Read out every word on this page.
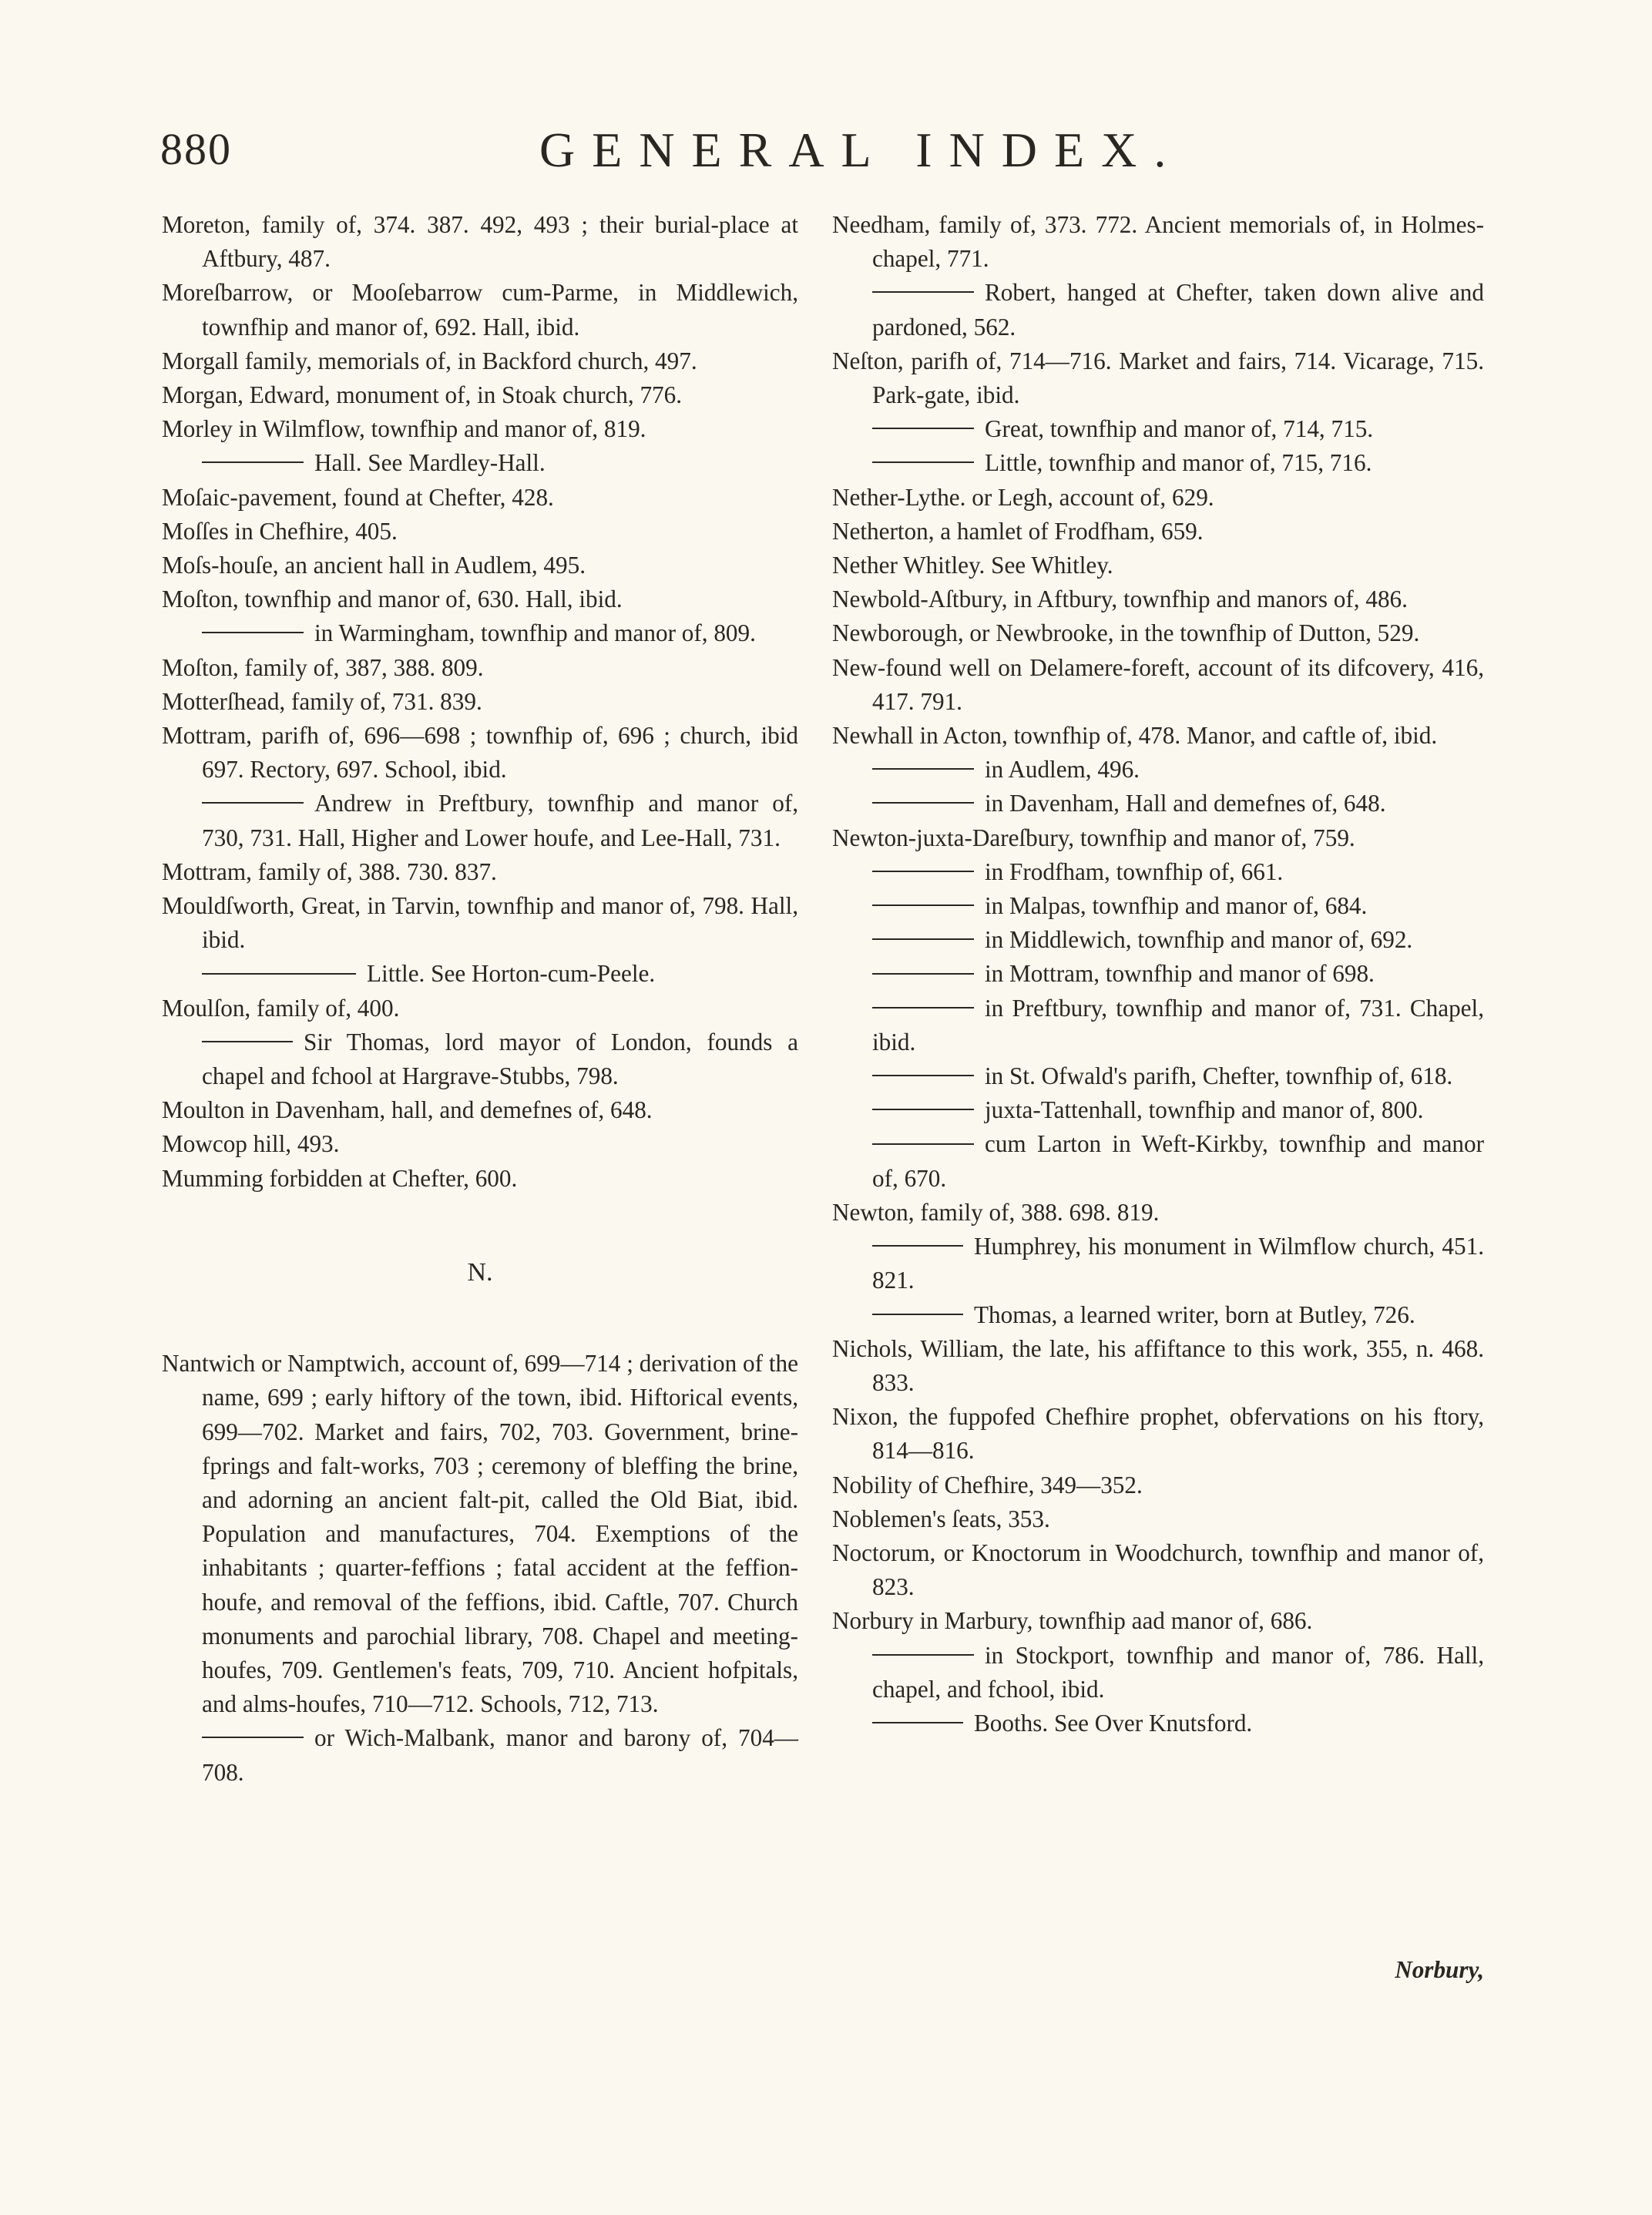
880	GENERAL INDEX.

Moreton, family of, 374. 387. 492, 493 ; their burial-place at Aftbury, 487.

Moreſbarrow, or Mooſebarrow cum-Parme, in Middlewich, townfhip and manor of, 692. Hall, ibid.

Morgall family, memorials of, in Backford church, 497.

Morgan, Edward, monument of, in Stoak church, 776.

Morley in Wilmflow, townfhip and manor of, 819.

Hall. See Mardley-Hall.

Moſaic-pavement, found at Chefter, 428.

Moſſes in Chefhire, 405.

Moſs-houſe, an ancient hall in Audlem, 495.

Moſton, townfhip and manor of, 630. Hall, ibid.

in Warmingham, townfhip and manor of, 809.

Moſton, family of, 387, 388. 809.

Motterſhead, family of, 731. 839.

Mottram, parifh of, 696—698 ; townfhip of, 696 ; church, ibid 697. Rectory, 697. School, ibid.

Andrew in Preftbury, townfhip and manor of, 730, 731. Hall, Higher and Lower houfe, and Lee-Hall, 731.

Mottram, family of, 388. 730. 837.

Mouldſworth, Great, in Tarvin, townfhip and manor of, 798. Hall, ibid.

Little. See Horton-cum-Peele.

Moulſon, family of, 400.

Sir Thomas, lord mayor of London, founds a chapel and fchool at Hargrave-Stubbs, 798.

Moulton in Davenham, hall, and demefnes of, 648.

Mowcop hill, 493.

Mumming forbidden at Chefter, 600.

N.

Nantwich or Namptwich, account of, 699—714 ; derivation of the name, 699 ; early hiftory of the town, ibid. Hiftorical events, 699—702. Market and fairs, 702, 703. Government, brine-fprings and falt-works, 703 ; ceremony of bleffing the brine, and adorning an ancient falt-pit, called the Old Biat, ibid. Population and manufactures, 704. Exemptions of the inhabitants ; quarter-feffions ; fatal accident at the feffion-houfe, and removal of the feffions, ibid. Caftle, 707. Church monuments and parochial library, 708. Chapel and meeting-houfes, 709. Gentlemen's feats, 709, 710. Ancient hofpitals, and alms-houfes, 710—712. Schools, 712, 713.

or Wich-Malbank, manor and barony of, 704—708.

Needham, family of, 373. 772. Ancient memorials of, in Holmes-chapel, 771.

Robert, hanged at Chefter, taken down alive and pardoned, 562.

Neſton, parifh of, 714—716. Market and fairs, 714. Vicarage, 715. Park-gate, ibid.

Great, townfhip and manor of, 714, 715.

Little, townfhip and manor of, 715, 716.

Nether-Lythe. or Legh, account of, 629.

Netherton, a hamlet of Frodfham, 659.

Nether Whitley. See Whitley.

Newbold-Aſtbury, in Aftbury, townfhip and manors of, 486.

Newborough, or Newbrooke, in the townfhip of Dutton, 529.

New-found well on Delamere-foreft, account of its difcovery, 416, 417. 791.

Newhall in Acton, townfhip of, 478. Manor, and caftle of, ibid.

in Audlem, 496.

in Davenham, Hall and demefnes of, 648.

Newton-juxta-Dareſbury, townfhip and manor of, 759.

in Frodfham, townfhip of, 661.

in Malpas, townfhip and manor of, 684.

in Middlewich, townfhip and manor of, 692.

in Mottram, townfhip and manor of 698.

in Preftbury, townfhip and manor of, 731. Chapel, ibid.

in St. Ofwald's parifh, Chefter, townfhip of, 618.

juxta-Tattenhall, townfhip and manor of, 800.

cum Larton in Weft-Kirkby, townfhip and manor of, 670.

Newton, family of, 388. 698. 819.

Humphrey, his monument in Wilmflow church, 451. 821.

Thomas, a learned writer, born at Butley, 726.

Nichols, William, the late, his affiftance to this work, 355, n. 468. 833.

Nixon, the fuppofed Chefhire prophet, obfervations on his ftory, 814—816.

Nobility of Chefhire, 349—352.

Noblemen's ſeats, 353.

Noctorum, or Knoctorum in Woodchurch, townfhip and manor of, 823.

Norbury in Marbury, townfhip aad manor of, 686.

in Stockport, townfhip and manor of, 786. Hall, chapel, and fchool, ibid.

Booths. See Over Knutsford.

Norbury,
